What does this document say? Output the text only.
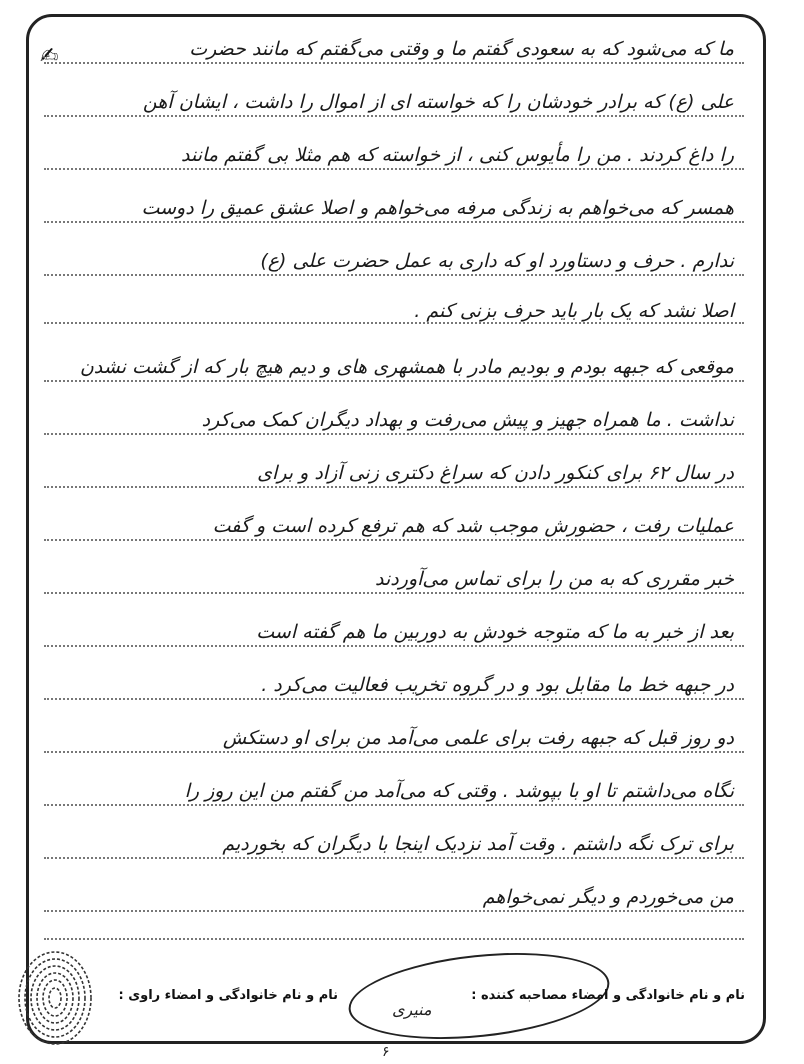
✍	ما که می‌شود که به سعودی گفتم ما و وقتی می‌گفتم که مانند حضرت
علی (ع) که برادر خودشان را که خواسته ای از اموال را داشت ، ایشان آهن
را داغ کردند . من را مأیوس کنی ، از خواسته که هم مثلا بی گفتم مانند
همسر که می‌خواهم به زندگی مرفه می‌خواهم و اصلا عشق عمیق را دوست
ندارم . حرف و دستاورد او که داری به عمل حضرت علی (ع)
اصلا نشد که یک بار باید حرف بزنی کنم .
موقعی که جبهه بودم و بودیم مادر با همشهری های و دیم هیچ بار که از گشت نشدن
نداشت . ما همراه جهیز و پیش می‌رفت و بهداد دیگران کمک می‌کرد
در سال ۶۲ برای کنکور دادن که سراغ دکتری زنی آزاد و برای
عملیات رفت ، حضورش موجب شد که هم ترفع کرده است و گفت
خبر مقرری که به من را برای تماس می‌آوردند
بعد از خبر به ما که متوجه خودش به دوربین ما هم گفته است
در جبهه خط ما مقابل بود و در گروه تخریب فعالیت می‌کرد .
دو روز قبل که جبهه رفت برای علمی می‌آمد من برای او دستکش
نگاه می‌داشتم تا او با بپوشد . وقتی که می‌آمد من گفتم من این روز را
برای ترک نگه داشتم . وقت آمد نزدیک اینجا با دیگران که بخوردیم
من می‌خوردم و دیگر نمی‌خواهم
منیری
نام و نام خانوادگی و امضاء مصاحبه کننده :
نام و نام خانوادگی و امضاء راوی :
۶
